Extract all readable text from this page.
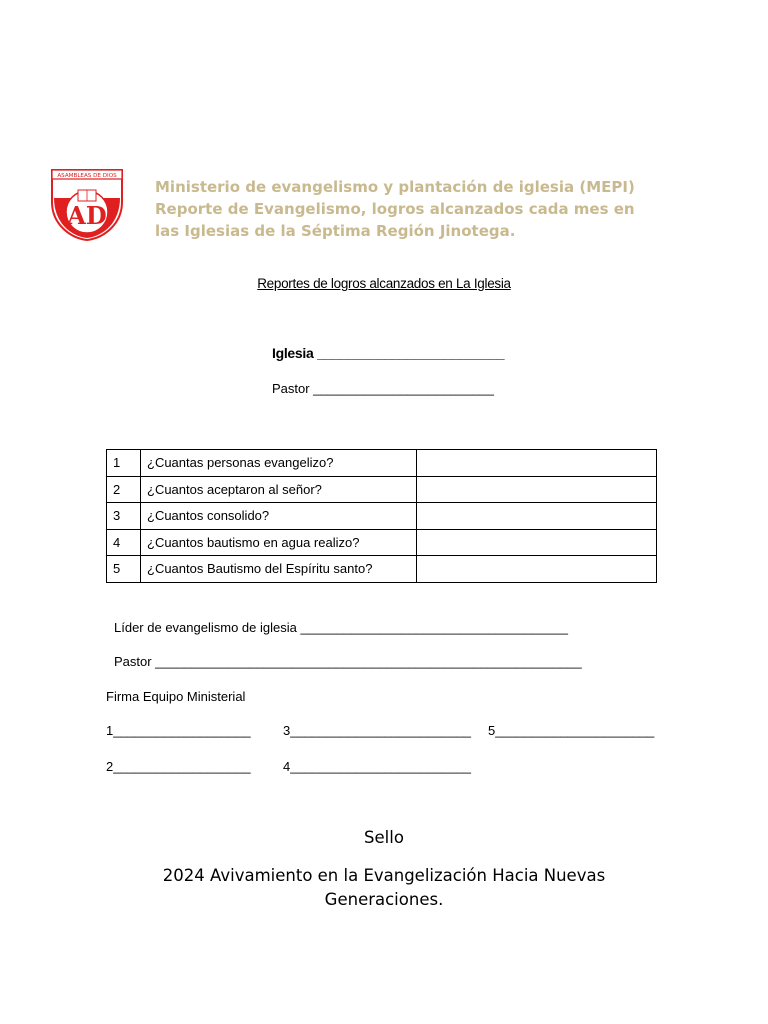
ASAMBLEAS DE DIOS
AD
Ministerio de evangelismo y plantación de iglesia (MEPI)
Reporte de Evangelismo, logros alcanzados cada mes en
las Iglesias de la Séptima Región Jinotega.
Reportes de logros alcanzados en La Iglesia
Iglesia _________________________
Pastor _________________________
1	¿Cuantas personas evangelizo?	
2	¿Cuantos aceptaron al señor?	
3	¿Cuantos consolido?	
4	¿Cuantos bautismo en agua realizo?	
5	¿Cuantos Bautismo del Espíritu santo?	
Líder de evangelismo de iglesia _____________________________________
Pastor ___________________________________________________________
Firma Equipo Ministerial
1___________________ 3_________________________ 5______________________
2___________________ 4_________________________
Sello
2024 Avivamiento en la Evangelización Hacia Nuevas
Generaciones.
